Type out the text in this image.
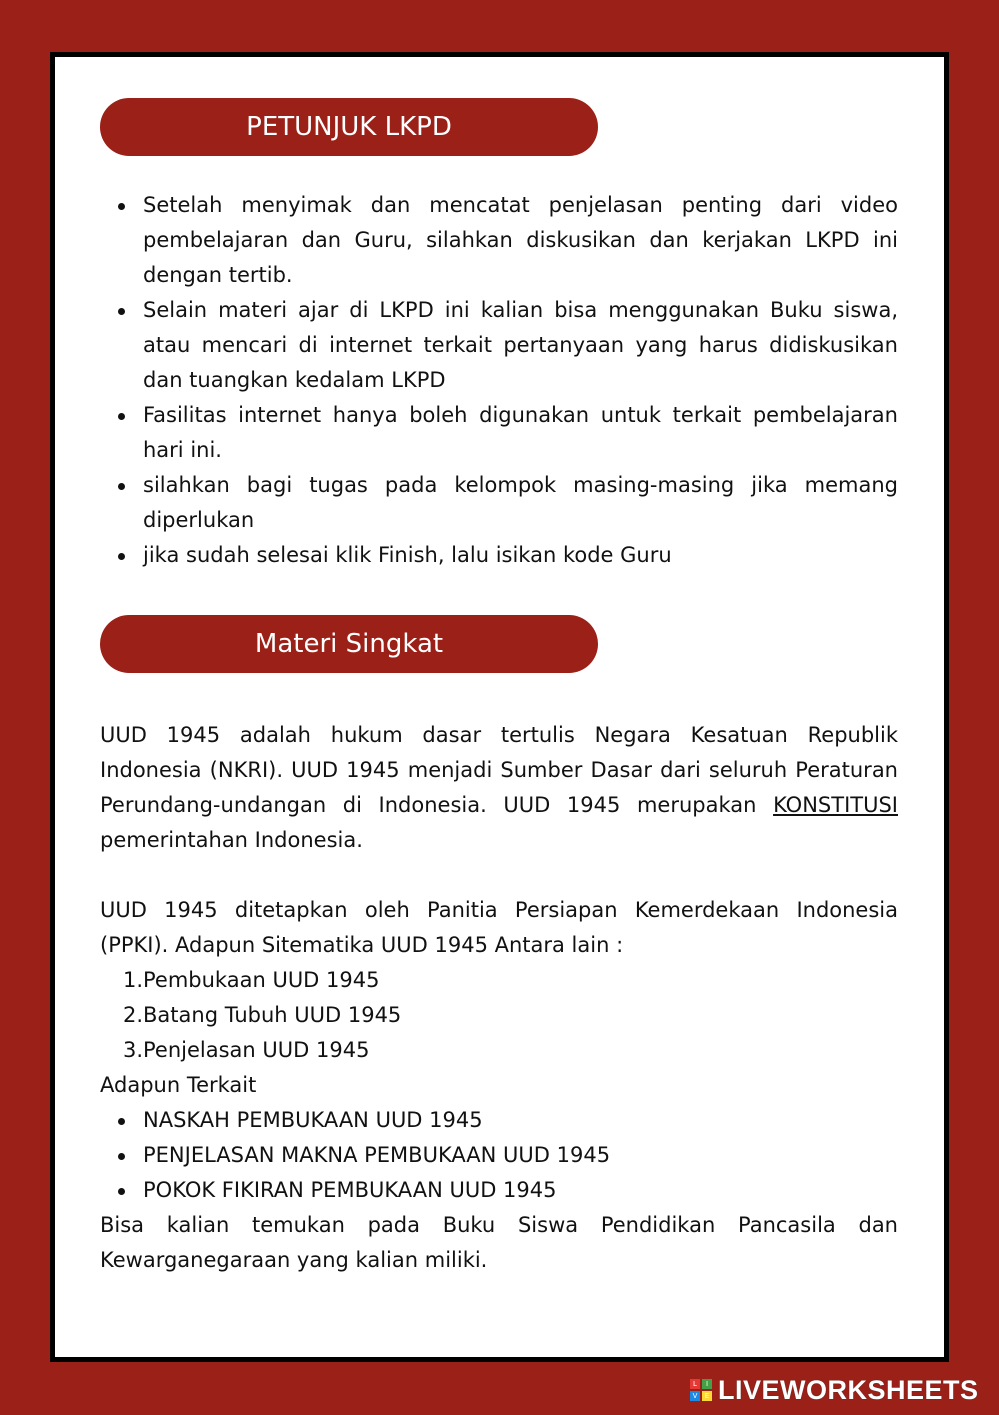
PETUNJUK LKPD
Setelah menyimak dan mencatat penjelasan penting dari video pembelajaran dan Guru, silahkan diskusikan dan kerjakan LKPD ini dengan tertib.
Selain materi ajar di LKPD ini kalian bisa menggunakan Buku siswa, atau mencari di internet terkait pertanyaan yang harus didiskusikan dan tuangkan kedalam LKPD
Fasilitas internet hanya boleh digunakan untuk terkait pembelajaran hari ini.
silahkan bagi tugas pada kelompok masing-masing jika memang diperlukan
jika sudah selesai klik Finish, lalu isikan kode Guru
Materi Singkat

UUD 1945 adalah hukum dasar tertulis Negara Kesatuan Republik Indonesia (NKRI). UUD 1945 menjadi Sumber Dasar dari seluruh Peraturan Perundang-undangan di Indonesia. UUD 1945 merupakan KONSTITUSI pemerintahan Indonesia.

UUD 1945 ditetapkan oleh Panitia Persiapan Kemerdekaan Indonesia (PPKI). Adapun Sitematika UUD 1945 Antara lain :

1. Pembukaan UUD 1945
2. Batang Tubuh UUD 1945
3. Penjelasan UUD 1945

Adapun Terkait

NASKAH PEMBUKAAN UUD 1945
PENJELASAN MAKNA PEMBUKAAN UUD 1945
POKOK FIKIRAN PEMBUKAAN UUD 1945

Bisa kalian temukan pada Buku Siswa Pendidikan Pancasila dan Kewarganegaraan yang kalian miliki.

L	I
V	E LIVEWORKSHEETS
